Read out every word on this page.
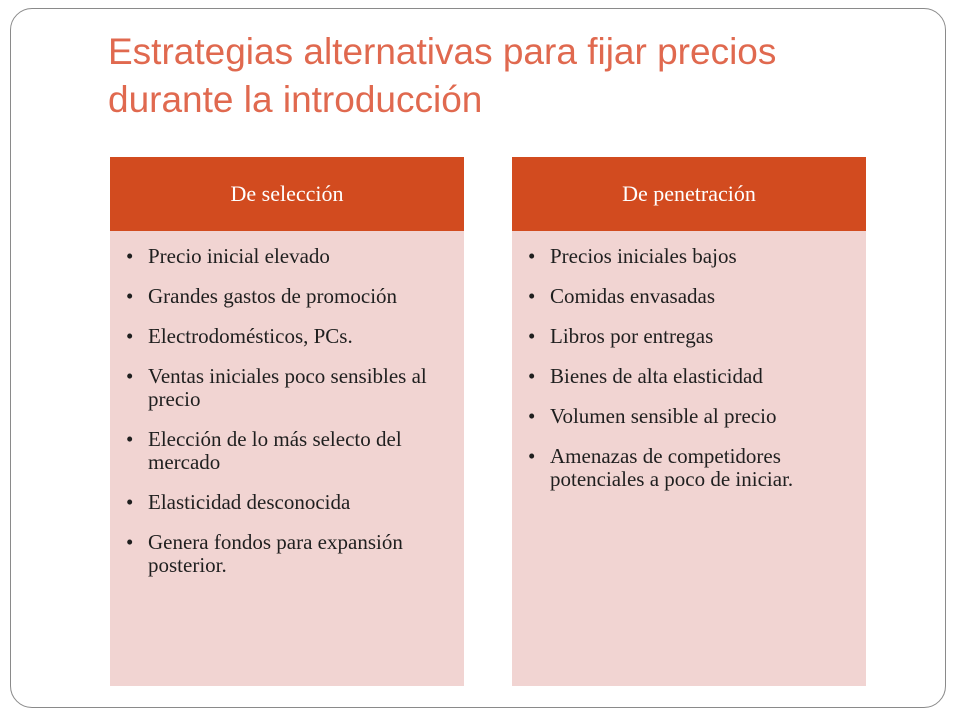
Estrategias alternativas para fijar precios durante la introducción
De selección
• Precio inicial elevado
• Grandes gastos de promoción
• Electrodomésticos, PCs.
• Ventas iniciales poco sensibles al precio
• Elección de lo más selecto del mercado
• Elasticidad desconocida
• Genera fondos para expansión posterior.
De penetración
• Precios iniciales bajos
• Comidas envasadas
• Libros por entregas
• Bienes de alta elasticidad
• Volumen sensible al precio
• Amenazas de competidores potenciales a poco de iniciar.
